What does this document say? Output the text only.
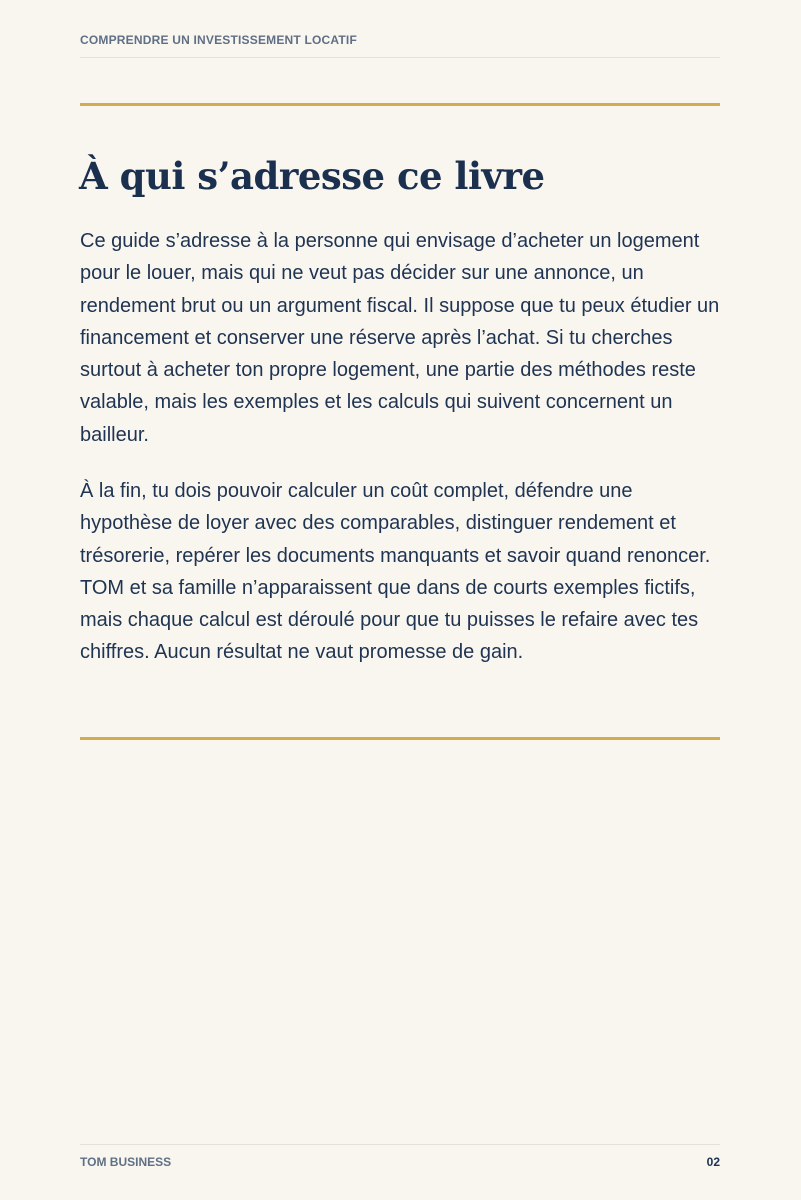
COMPRENDRE UN INVESTISSEMENT LOCATIF
À qui s’adresse ce livre

Ce guide s’adresse à la personne qui envisage d’acheter un logement pour le louer, mais qui ne veut pas décider sur une annonce, un rendement brut ou un argument fiscal. Il suppose que tu peux étudier un financement et conserver une réserve après l’achat. Si tu cherches surtout à acheter ton propre logement, une partie des méthodes reste valable, mais les exemples et les calculs qui suivent concernent un bailleur.

À la fin, tu dois pouvoir calculer un coût complet, défendre une hypothèse de loyer avec des comparables, distinguer rendement et trésorerie, repérer les documents manquants et savoir quand renoncer. TOM et sa famille n’apparaissent que dans de courts exemples fictifs, mais chaque calcul est déroulé pour que tu puisses le refaire avec tes chiffres. Aucun résultat ne vaut promesse de gain.

TOM BUSINESS	02
